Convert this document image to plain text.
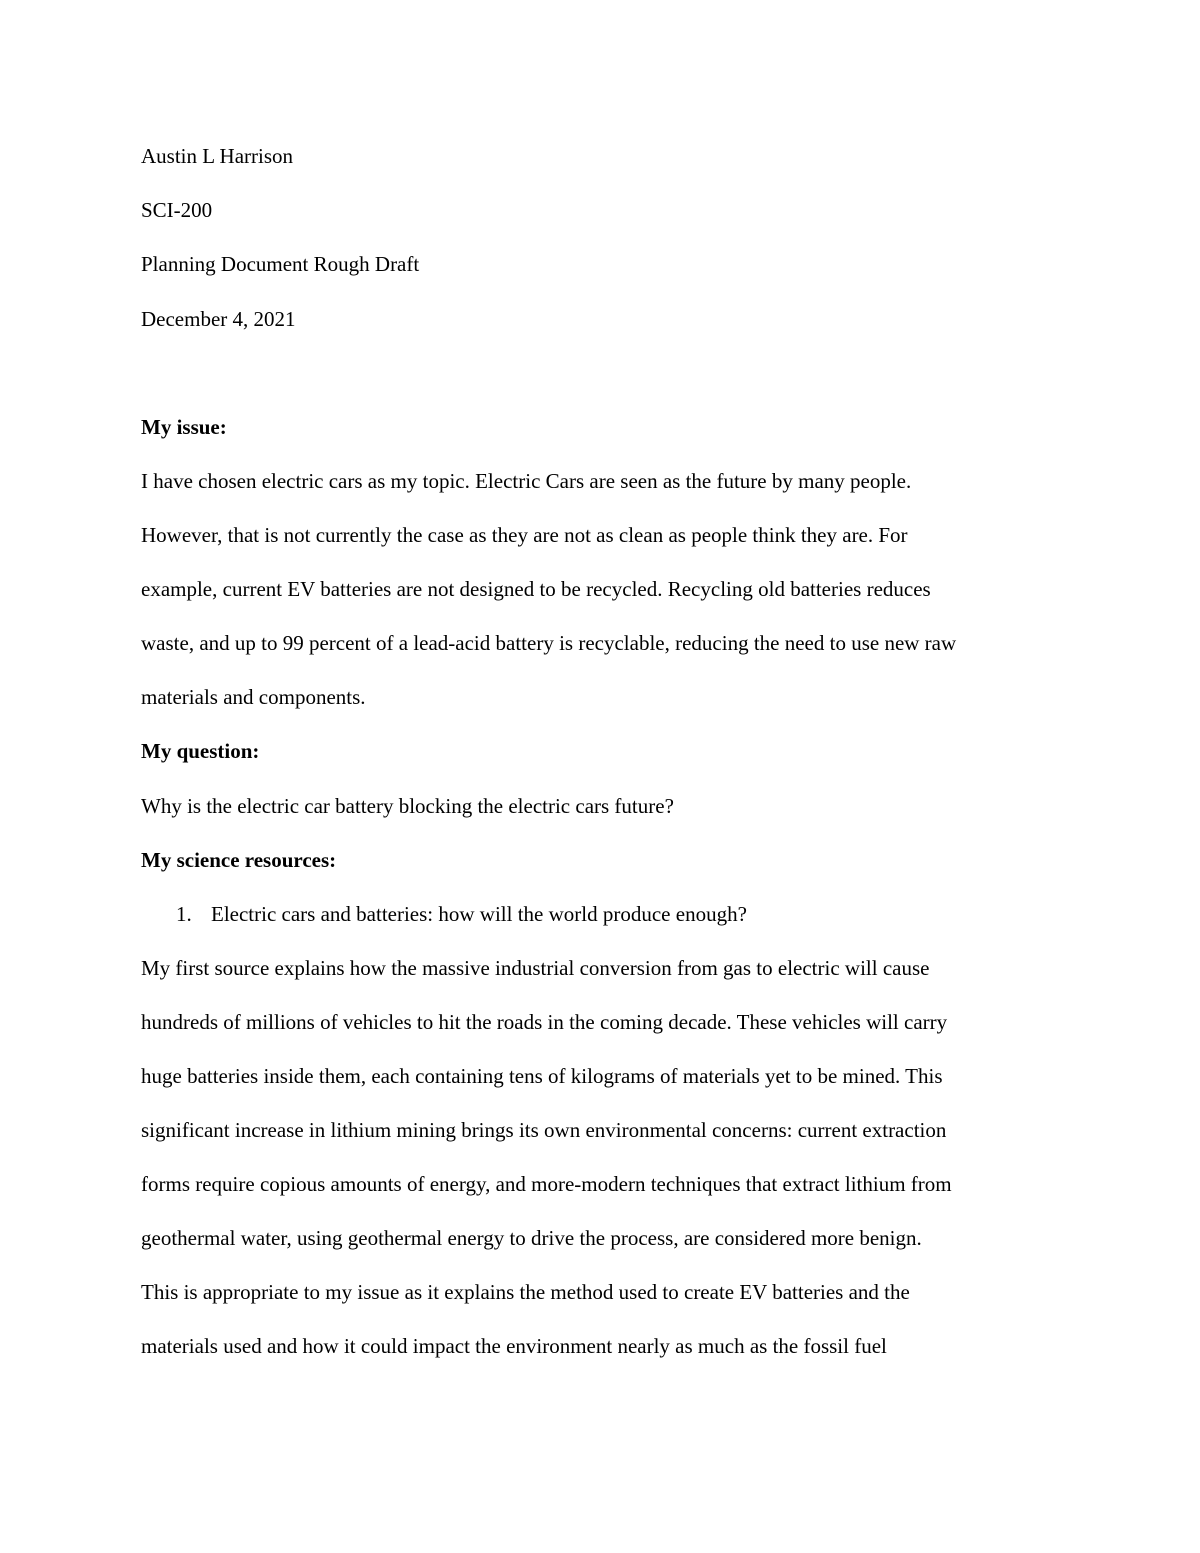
Austin L Harrison
SCI-200
Planning Document Rough Draft
December 4, 2021
My issue:
I have chosen electric cars as my topic. Electric Cars are seen as the future by many people.
However, that is not currently the case as they are not as clean as people think they are. For
example, current EV batteries are not designed to be recycled. Recycling old batteries reduces
waste, and up to 99 percent of a lead-acid battery is recyclable, reducing the need to use new raw
materials and components.
My question:
Why is the electric car battery blocking the electric cars future?
My science resources:
1. Electric cars and batteries: how will the world produce enough?
My first source explains how the massive industrial conversion from gas to electric will cause
hundreds of millions of vehicles to hit the roads in the coming decade. These vehicles will carry
huge batteries inside them, each containing tens of kilograms of materials yet to be mined. This
significant increase in lithium mining brings its own environmental concerns: current extraction
forms require copious amounts of energy, and more-modern techniques that extract lithium from
geothermal water, using geothermal energy to drive the process, are considered more benign.
This is appropriate to my issue as it explains the method used to create EV batteries and the
materials used and how it could impact the environment nearly as much as the fossil fuel
